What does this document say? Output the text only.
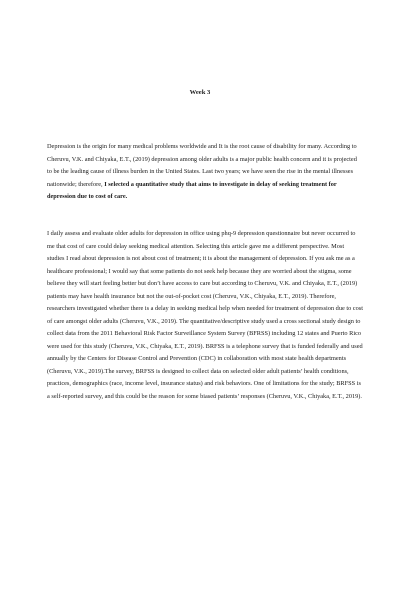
Week 3

Depression is the origin for many medical problems worldwide and It is the root cause of disability for many. According to Cheruvu, V.K. and Chiyaka, E.T., (2019) depression among older adults is a major public health concern and it is projected to be the leading cause of illness burden in the United States. Last two years; we have seen the rise in the mental illnesses nationwide; therefore, I selected a quantitative study that aims to investigate in delay of seeking treatment for depression due to cost of care.

I daily assess and evaluate older adults for depression in office using phq-9 depression questionnaire but never occurred to me that cost of care could delay seeking medical attention. Selecting this article gave me a different perspective. Most studies I read about depression is not about cost of treatment; it is about the management of depression. If you ask me as a healthcare professional; I would say that some patients do not seek help because they are worried about the stigma, some believe they will start feeling better but don’t have access to care but according to Cheruvu, V.K. and Chiyaka, E.T., (2019) patients may have health insurance but not the out-of-pocket cost (Cheruvu, V.K., Chiyaka, E.T., 2019). Therefore, researchers investigated whether there is a delay in seeking medical help when needed for treatment of depression due to cost of care amongst older adults (Cheruvu, V.K., 2019). The quantitative/descriptive study used a cross sectional study design to collect data from the 2011 Behavioral Risk Factor Surveillance System Survey (BFRSS) including 12 states and Puerto Rico were used for this study (Cheruvu, V.K., Chiyaka, E.T., 2019). BRFSS is a telephone survey that is funded federally and used annually by the Centers for Disease Control and Prevention (CDC) in collaboration with most state health departments (Cheruvu, V.K., 2019).The survey, BRFSS is designed to collect data on selected older adult patients’ health conditions, practices, demographics (race, income level, insurance status) and risk behaviors. One of limitations for the study; BRFSS is a self-reported survey, and this could be the reason for some biased patients’ responses (Cheruvu, V.K., Chiyaka, E.T., 2019).
